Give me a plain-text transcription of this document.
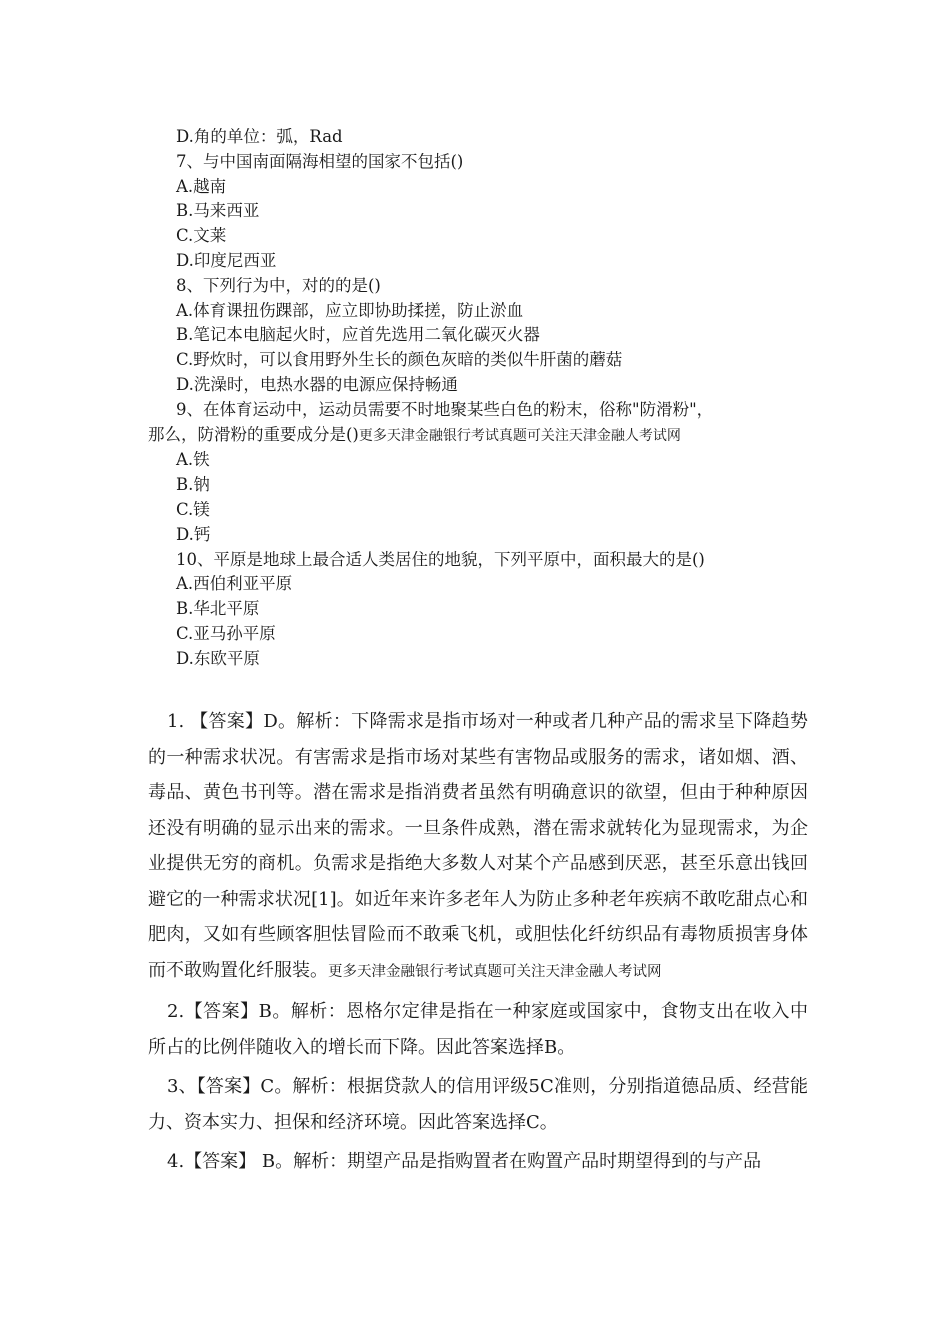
D.角的单位：弧，Rad
7、与中国南面隔海相望的国家不包括()
A.越南
B.马来西亚
C.文莱
D.印度尼西亚
8、下列行为中，对的的是()
A.体育课扭伤踝部，应立即协助揉搓，防止淤血
B.笔记本电脑起火时，应首先选用二氧化碳灭火器
C.野炊时，可以食用野外生长的颜色灰暗的类似牛肝菌的蘑菇
D.洗澡时，电热水器的电源应保持畅通
9、在体育运动中，运动员需要不时地聚某些白色的粉末，俗称"防滑粉"，
那么，防滑粉的重要成分是()更多天津金融银行考试真题可关注天津金融人考试网
A.铁
B.钠
C.镁
D.钙
10、平原是地球上最合适人类居住的地貌，下列平原中，面积最大的是()
A.西伯利亚平原
B.华北平原
C.亚马孙平原
D.东欧平原

1. 【答案】D。解析：下降需求是指市场对一种或者几种产品的需求呈下降趋势的一种需求状况。有害需求是指市场对某些有害物品或服务的需求，诸如烟、酒、毒品、黄色书刊等。潜在需求是指消费者虽然有明确意识的欲望，但由于种种原因还没有明确的显示出来的需求。一旦条件成熟，潜在需求就转化为显现需求，为企业提供无穷的商机。负需求是指绝大多数人对某个产品感到厌恶，甚至乐意出钱回避它的一种需求状况[1]。如近年来许多老年人为防止多种老年疾病不敢吃甜点心和肥肉，又如有些顾客胆怯冒险而不敢乘飞机，或胆怯化纤纺织品有毒物质损害身体而不敢购置化纤服装。更多天津金融银行考试真题可关注天津金融人考试网

2.【答案】B。解析：恩格尔定律是指在一种家庭或国家中，食物支出在收入中所占的比例伴随收入的增长而下降。因此答案选择B。

3、【答案】C。解析：根据贷款人的信用评级5C准则，分别指道德品质、经营能力、资本实力、担保和经济环境。因此答案选择C。

4.【答案】 B。解析：期望产品是指购置者在购置产品时期望得到的与产品
